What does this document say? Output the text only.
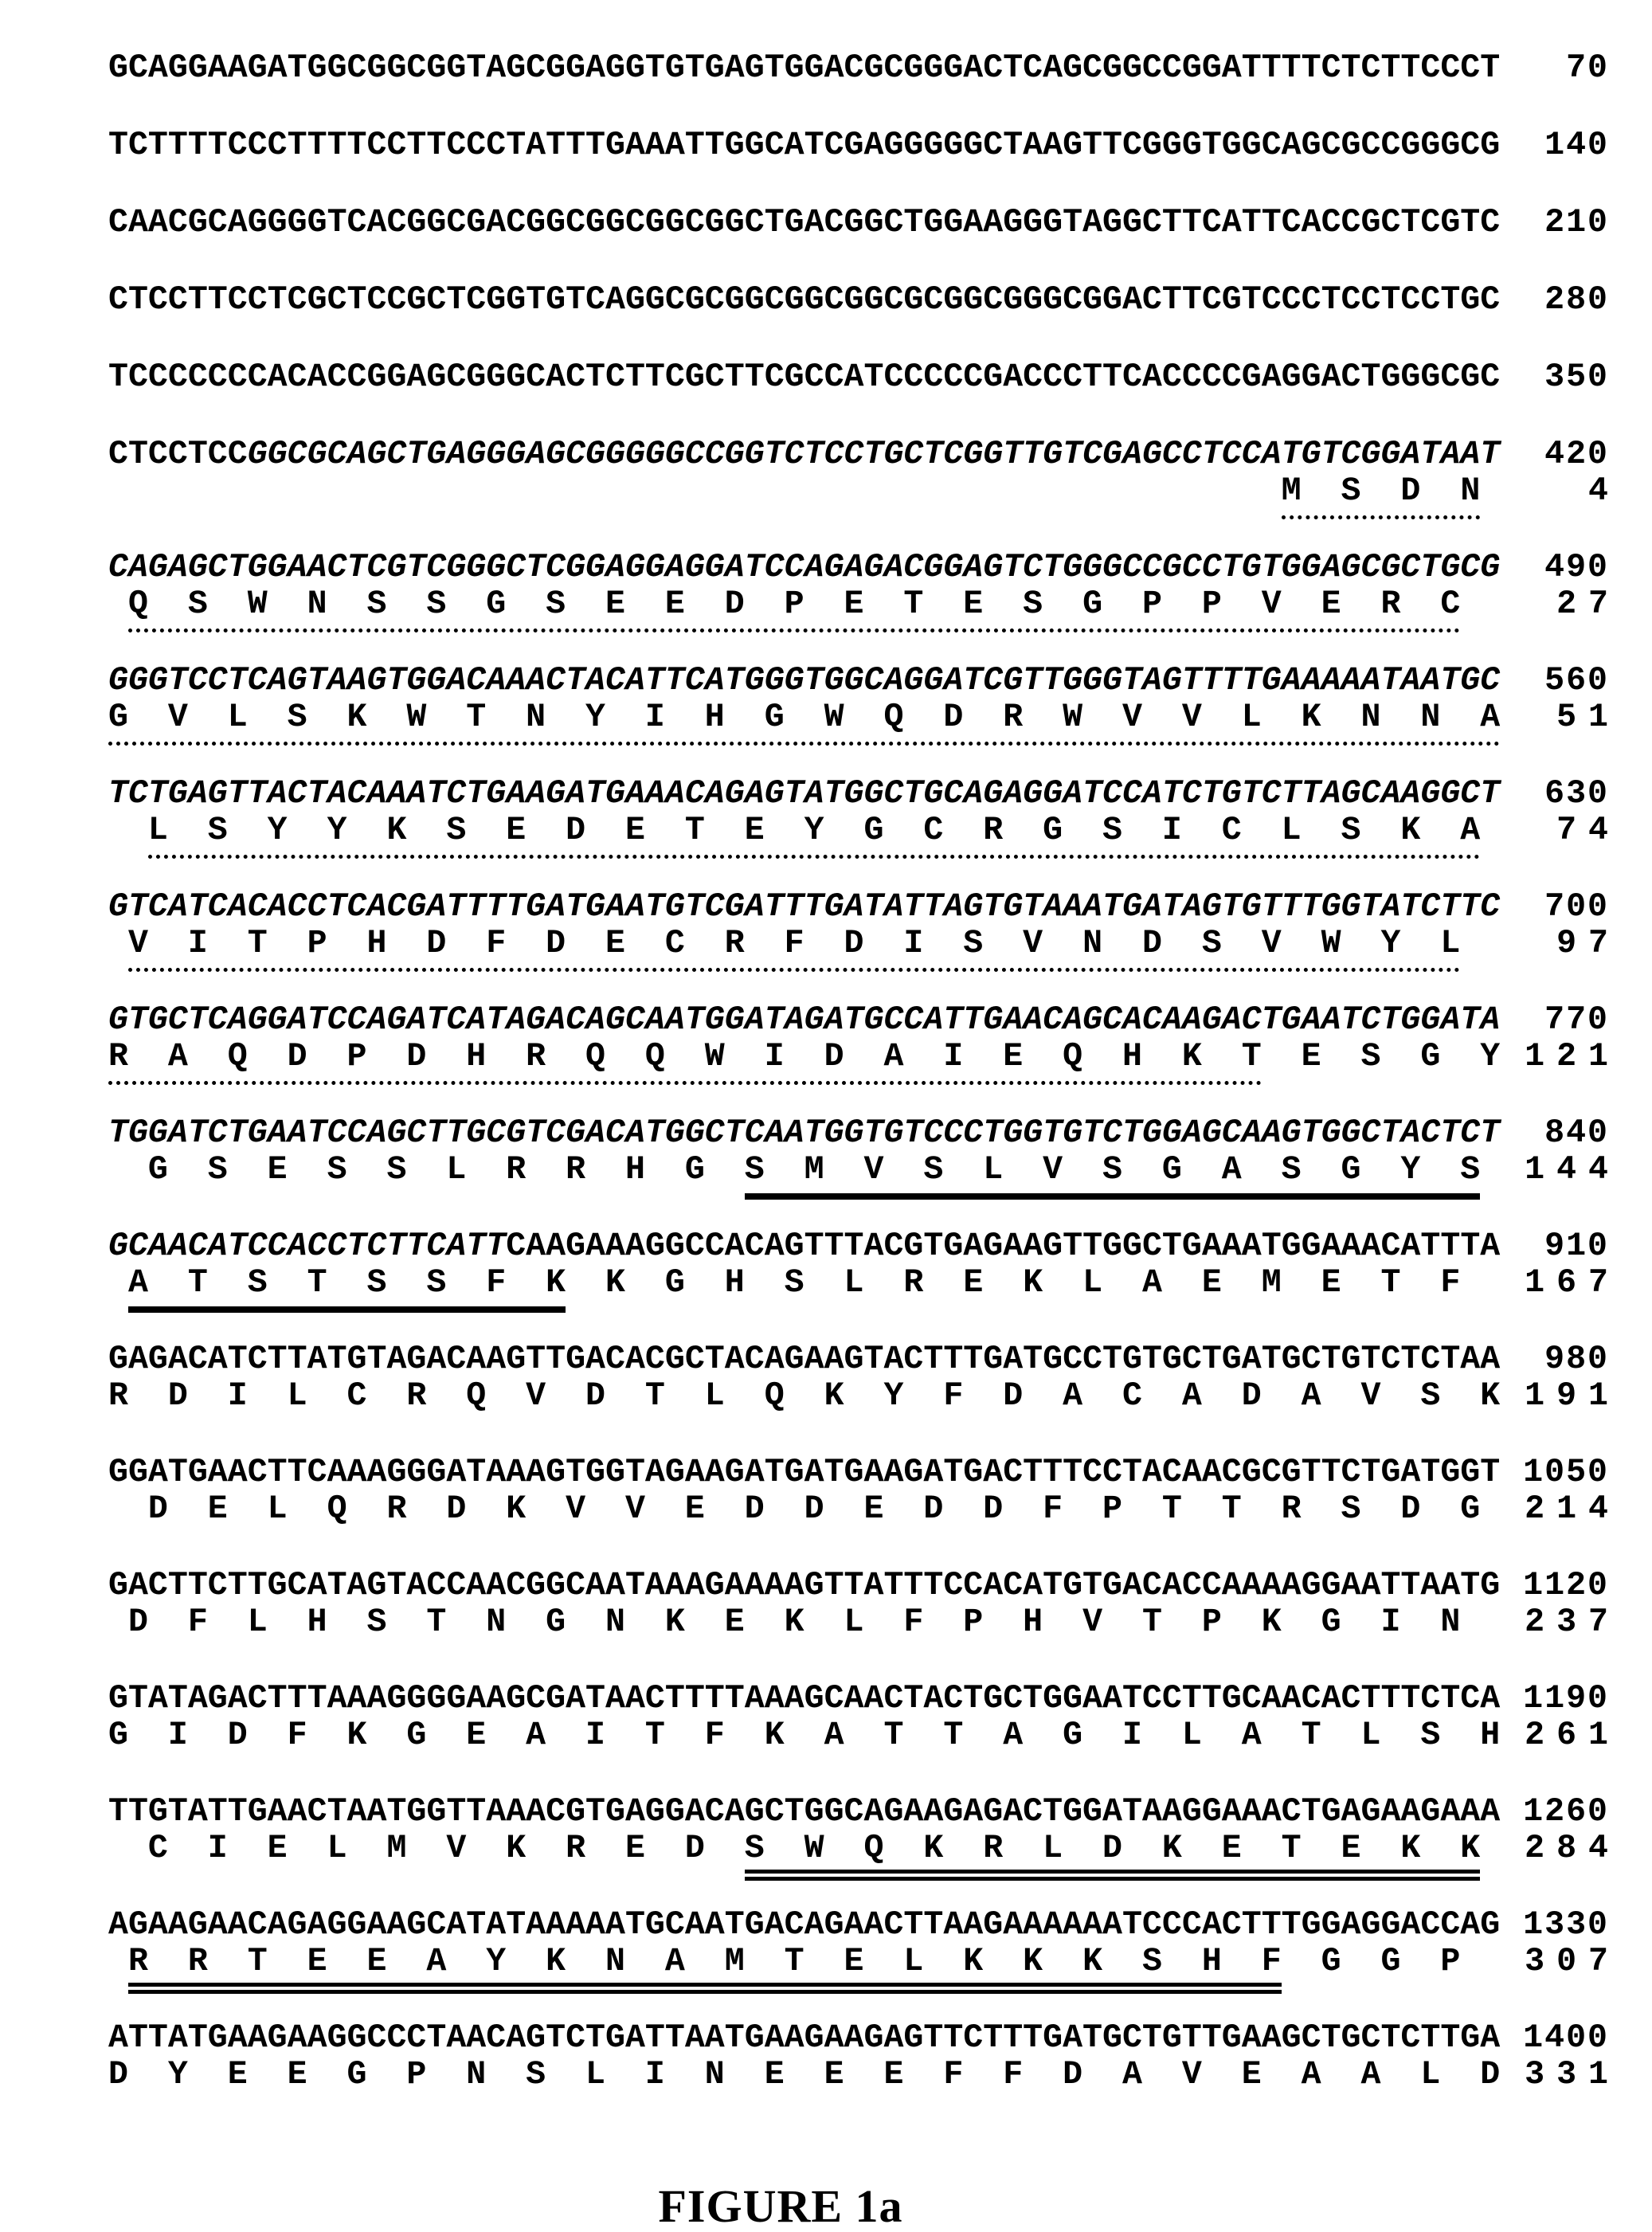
GCAGGAAGATGGCGGCGGTAGCGGAGGTGTGAGTGGACGCGGGACTCAGCGGCCGGATTTTCTCTTCCCT 70
TCTTTTCCCTTTTCCTTCCCTATTTGAAATTGGCATCGAGGGGGCTAAGTTCGGGTGGCAGCGCCGGGCG 140
CAACGCAGGGGTCACGGCGACGGCGGCGGCGGCTGACGGCTGGAAGGGTAGGCTTCATTCACCGCTCGTC 210
CTCCTTCCTCGCTCCGCTCGGTGTCAGGCGCGGCGGCGGCGCGGCGGGCGGACTTCGTCCCTCCTCCTGC 280
TCCCCCCCACACCGGAGCGGGCACTCTTCGCTTCGCCATCCCCCGACCCTTCACCCCGAGGACTGGGCGC 350
CTCCTCCGGCGCAGCTGAGGGAGCGGGGGCCGGTCTCCTGCTCGGTTGTCGAGCCTCCATGTCGGATAAT 420
M  S  D  N	4
CAGAGCTGGAACTCGTCGGGCTCGGAGGAGGATCCAGAGACGGAGTCTGGGCCGCCTGTGGAGCGCTGCG 490
Q  S  W  N  S  S  G  S  E  E  D  P  E  T  E  S  G  P  P  V  E  R  C	27
GGGTCCTCAGTAAGTGGACAAACTACATTCATGGGTGGCAGGATCGTTGGGTAGTTTTGAAAAATAATGC 560
G  V  L  S  K  W  T  N  Y  I  H  G  W  Q  D  R  W  V  V  L  K  N  N  A 51
TCTGAGTTACTACAAATCTGAAGATGAAACAGAGTATGGCTGCAGAGGATCCATCTGTCTTAGCAAGGCT 630
L  S  Y  Y  K  S  E  D  E  T  E  Y  G  C  R  G  S  I  C  L  S  K  A 74
GTCATCACACCTCACGATTTTGATGAATGTCGATTTGATATTAGTGTAAATGATAGTGTTTGGTATCTTC 700
V  I  T  P  H  D  F  D  E  C  R  F  D  I  S  V  N  D  S  V  W  Y  L	97
GTGCTCAGGATCCAGATCATAGACAGCAATGGATAGATGCCATTGAACAGCACAAGACTGAATCTGGATA 770
R  A  Q  D  P  D  H  R  Q  Q  W  I  D  A  I  E  Q  H  K  T E  S  G  Y 121
TGGATCTGAATCCAGCTTGCGTCGACATGGCTCAATGGTGTCCCTGGTGTCTGGAGCAAGTGGCTACTCT 840
G  S  E  S  S  L  R  R  H  G S  M  V  S  L  V  S  G  A  S  G  Y  S 144
GCAACATCCACCTCTTCATTCAAGAAAGGCCACAGTTTACGTGAGAAGTTGGCTGAAATGGAAACATTTA 910
A  T  S  T  S  S  F  K K  G  H  S  L  R  E  K  L  A  E  M  E  T  F 167
GAGACATCTTATGTAGACAAGTTGACACGCTACAGAAGTACTTTGATGCCTGTGCTGATGCTGTCTCTAA 980
R  D  I  L  C  R  Q  V  D  T  L  Q  K  Y  F  D  A  C  A  D  A  V  S  K 191
GGATGAACTTCAAAGGGATAAAGTGGTAGAAGATGATGAAGATGACTTTCCTACAACGCGTTCTGATGGT 1050
D  E  L  Q  R  D  K  V  V  E  D  D  E  D  D  F  P  T  T  R  S  D  G 214
GACTTCTTGCATAGTACCAACGGCAATAAAGAAAAGTTATTTCCACATGTGACACCAAAAGGAATTAATG 1120
D  F  L  H  S  T  N  G  N  K  E  K  L  F  P  H  V  T  P  K  G  I  N 237
GTATAGACTTTAAAGGGGAAGCGATAACTTTTAAAGCAACTACTGCTGGAATCCTTGCAACACTTTCTCA 1190
G  I  D  F  K  G  E  A  I  T  F  K  A  T  T  A  G  I  L  A  T  L  S  H 261
TTGTATTGAACTAATGGTTAAACGTGAGGACAGCTGGCAGAAGAGACTGGATAAGGAAACTGAGAAGAAA 1260
C  I  E  L  M  V  K  R  E  D S  W  Q  K  R  L  D  K  E  T  E  K  K 284
AGAAGAACAGAGGAAGCATATAAAAATGCAATGACAGAACTTAAGAAAAAATCCCACTTTGGAGGACCAG 1330
R  R  T  E  E  A  Y  K  N  A  M  T  E  L  K  K  K  S  H  F G  G  P 307
ATTATGAAGAAGGCCCTAACAGTCTGATTAATGAAGAAGAGTTCTTTGATGCTGTTGAAGCTGCTCTTGA 1400
D  Y  E  E  G  P  N  S  L  I  N  E  E  E  F  F  D  A  V  E  A  A  L  D 331
FIGURE 1a
